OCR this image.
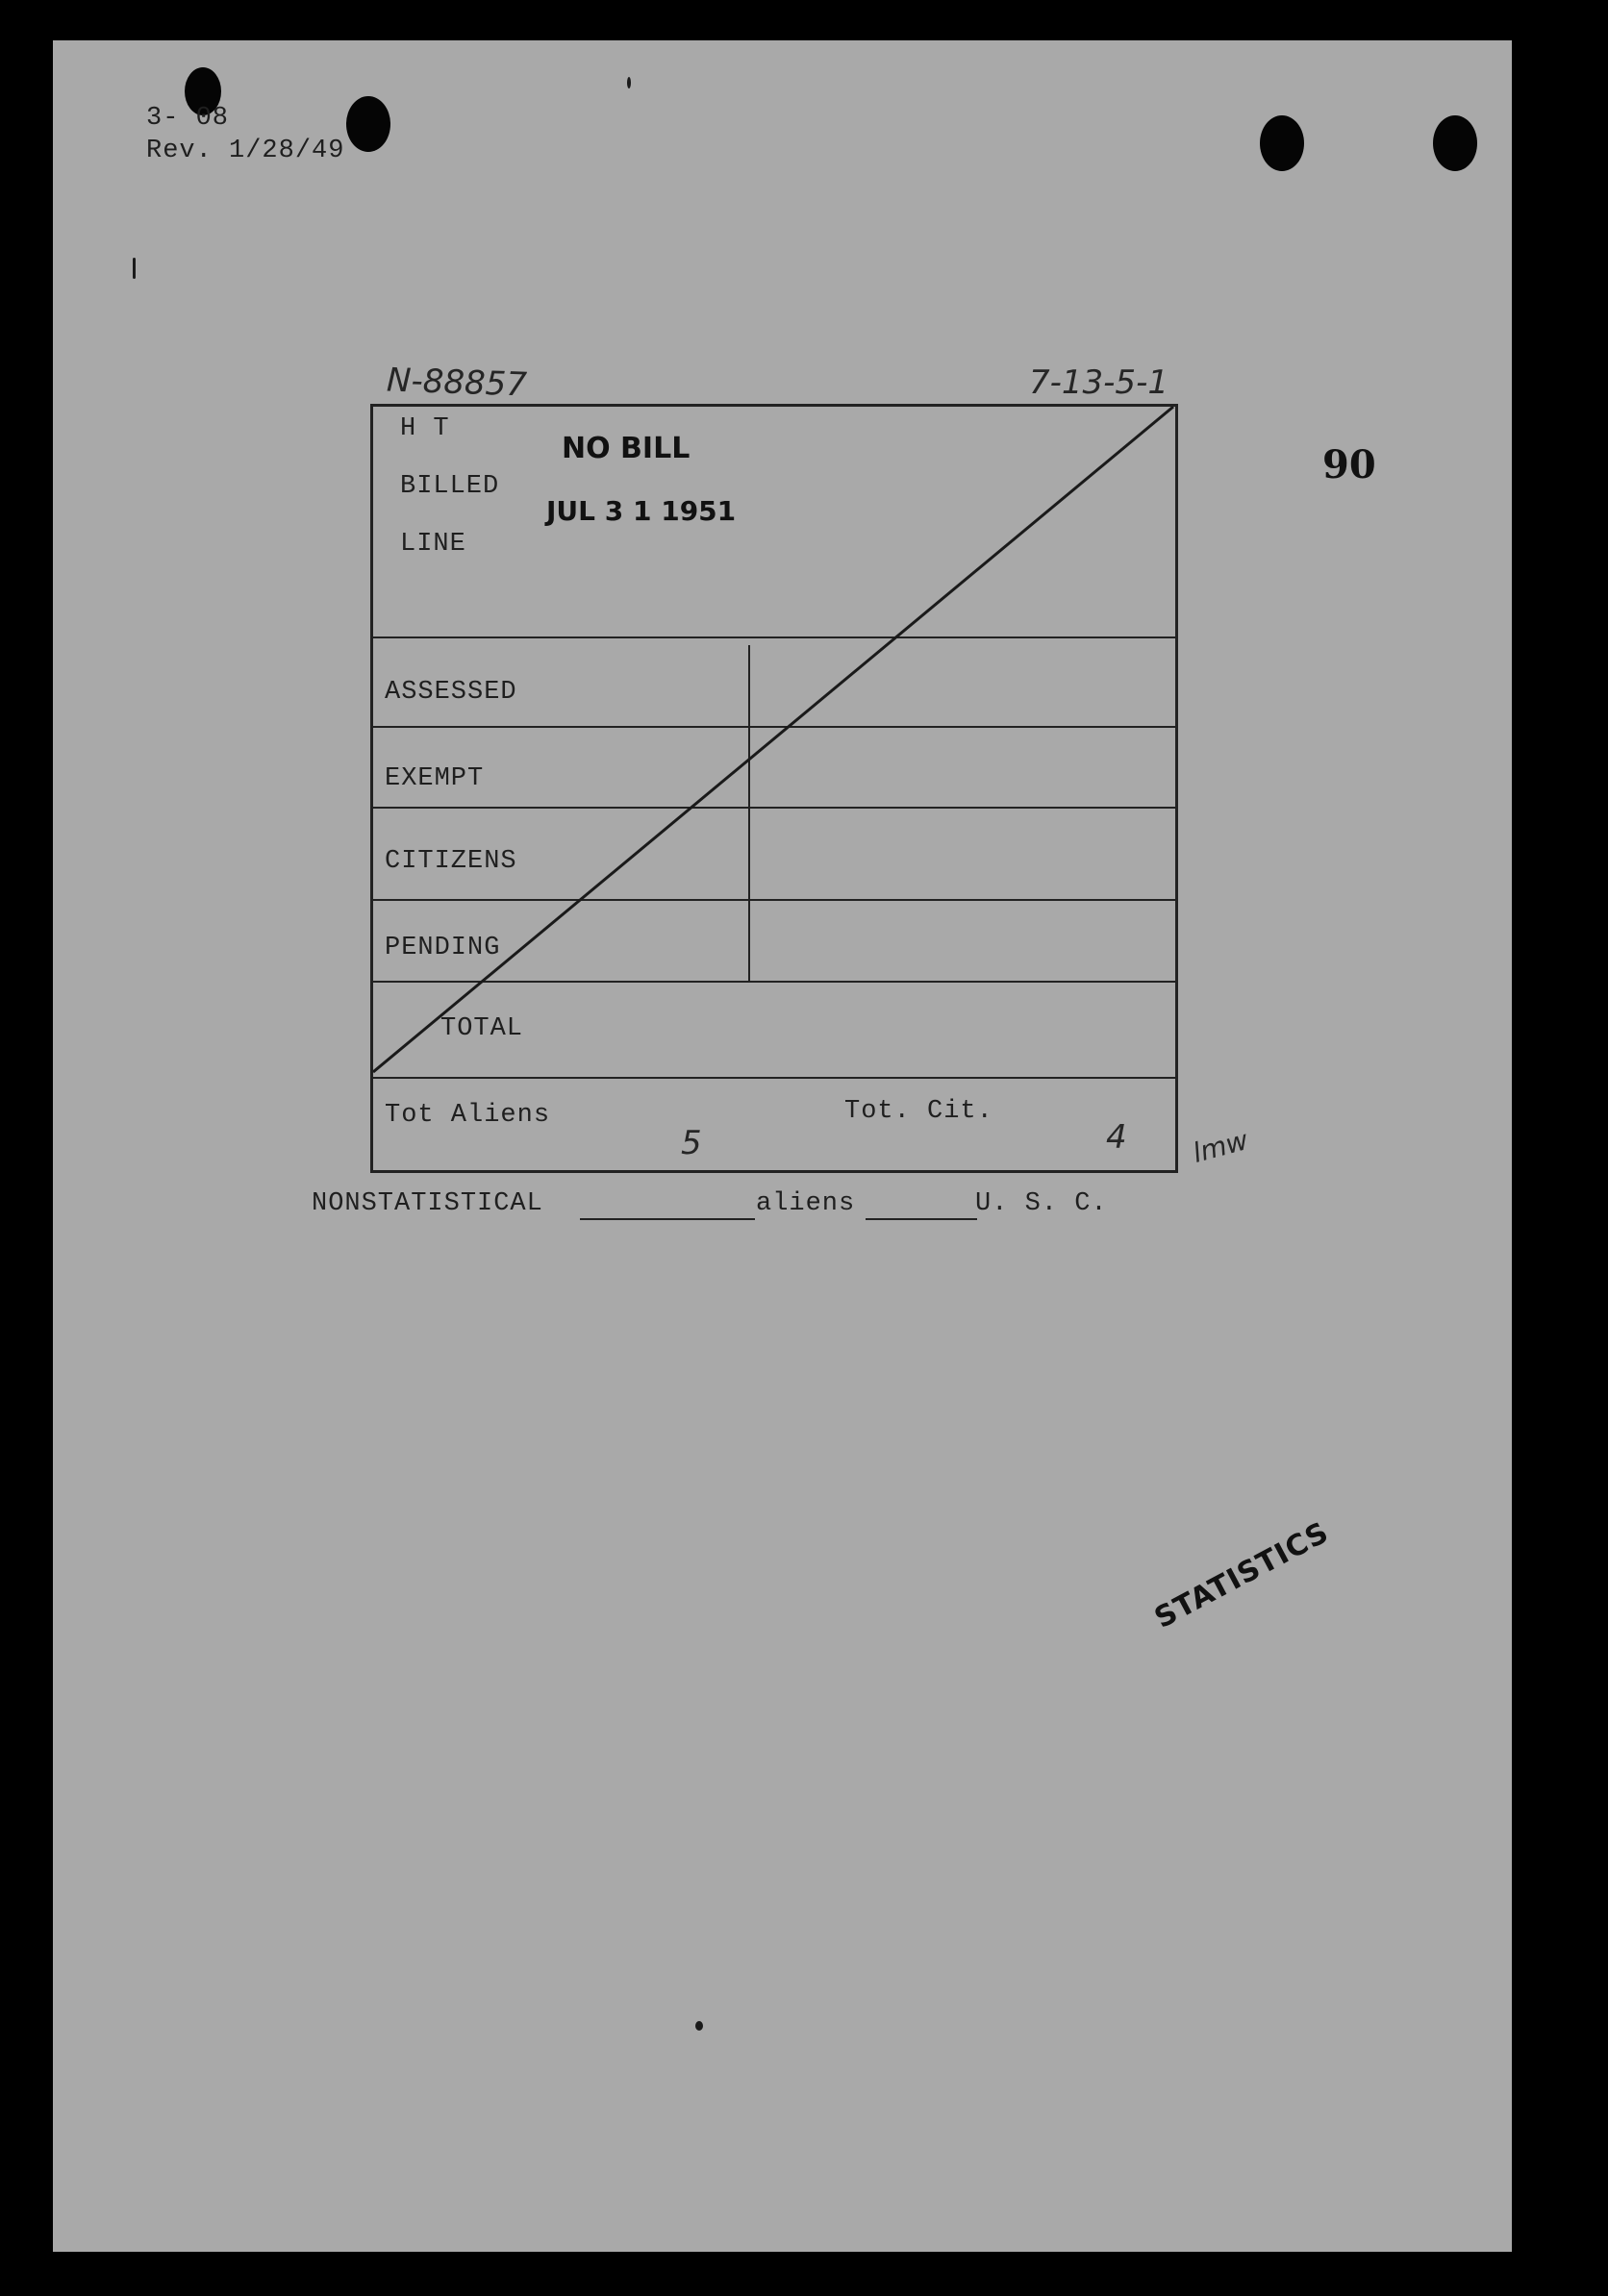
3- 08
Rev. 1/28/49
N-88857	7-13-5-1
90
H T
BILLED
LINE
NO BILL
JUL 3 1 1951
ASSESSED
EXEMPT
CITIZENS
PENDING
TOTAL
Tot Aliens	Tot. Cit.
5	4 lmw
NONSTATISTICAL	aliens	U. S. C.
STATISTICS
